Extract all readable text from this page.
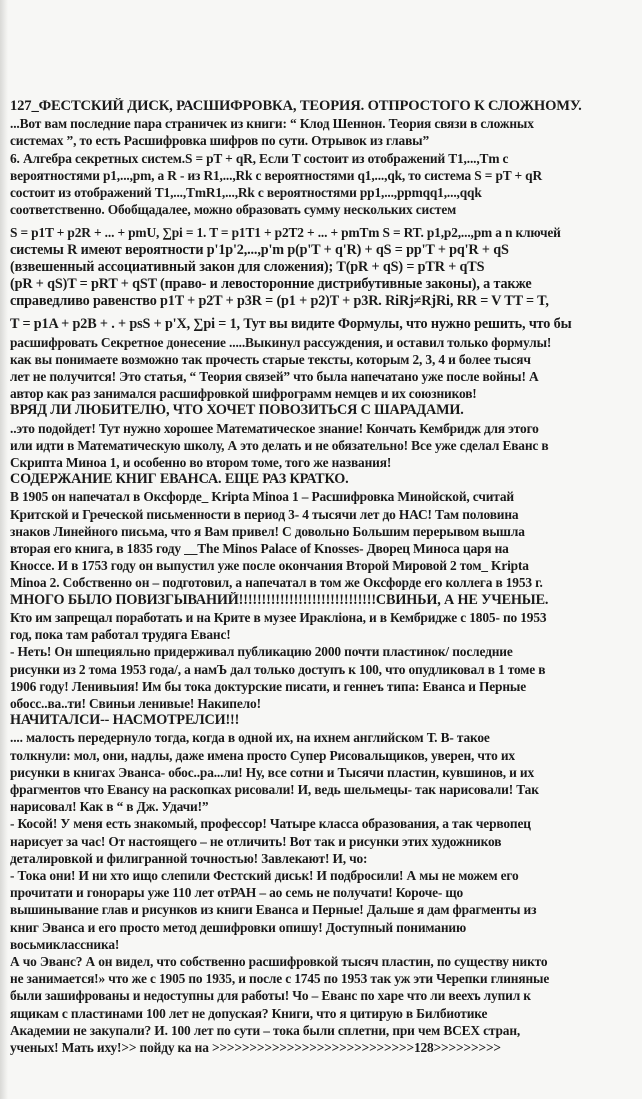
127_ФЕСТСКИЙ ДИСК, РАСШИФРОВКА, ТЕОРИЯ. ОТПРОСТОГО К СЛОЖНОМУ.
...Вот вам последние пара страничек из книги: “ Клод Шеннон. Теория связи в сложных
системах ”, то есть Расшифровка шифров по сути. Отрывок из главы”
6. Алгебра секретных систем.S = pT + qR, Если T состоит из отображений T1,...,Tm с
вероятностями p1,...,pm, а R - из R1,...,Rk с вероятностями q1,...,qk, то система S = pT + qR
состоит из отображений T1,...,TmR1,...,Rk с вероятностями pp1,...,ppmqq1,...,qqk
соответственно. Обобщадалее, можно образовать сумму нескольких систем
S = p1T + p2R + ... + pmU, ∑pi = 1. T = p1T1 + p2T2 + ... + pmTm S = RT. p1,p2,...,pm а n ключей
системы R имеют вероятности p'1p'2,...,p'm p(p'T + q'R) + qS = pp'T + pq'R + qS
(взвешенный ассоциативный закон для сложения); T(pR + qS) = pTR + qTS
(pR + qS)T = pRT + qST (право- и левосторонние дистрибутивные законы), а также
справедливо равенство p1T + p2T + p3R = (p1 + p2)T + p3R. RiRj≠RjRi, RR = V TT = T,
T = p1A + p2B + . + psS + p'X, ∑pi = 1, Тут вы видите Формулы, что нужно решить, что бы
расшифровать Секретное донесение .....Выкинул рассуждения, и оставил только формулы!
как вы понимаете возможно так прочесть старые тексты, которым 2, 3, 4 и более тысяч
лет не получится! Это статья, “ Теория связей” что была напечатано уже после войны! А
автор как раз занимался расшифровкой шифрограмм немцев и их союзников!
ВРЯД ЛИ ЛЮБИТЕЛЮ, ЧТО ХОЧЕТ ПОВОЗИТЬСЯ С ШАРАДАМИ.
..это подойдет! Тут нужно хорошее Математическое знание! Кончать Кембридж для этого
или идти в Математическую школу, А это делать и не обязательно! Все уже сделал Еванс в
Скрипта Миноа 1, и особенно во втором томе, того же названия!
СОДЕРЖАНИЕ КНИГ ЕВАНСА. ЕЩЕ РАЗ КРАТКО.
В 1905 он напечатал в Оксфорде_ Kripta Minoa 1 – Расшифровка Минойской, считай
Критской и Греческой письменности в период 3- 4 тысячи лет до НАС! Там половина
знаков Линейного письма, что я Вам привел! С довольно Большим перерывом вышла
вторая его книга, в 1835 году __The Minos Palace of Knosses- Дворец Миноса царя на
Кноссе. И в 1753 году он выпустил уже после окончания Второй Мировой 2 том_ Kripta
Minoa 2. Собственно он – подготовил, а напечатал в том же Оксфорде его коллега в 1953 г.
МНОГО БЫЛО ПОВИЗГЫВАНИЙ!!!!!!!!!!!!!!!!!!!!!!!!!!!!!!СВИНЬИ, А НЕ УЧЕНЫЕ.
Кто им запрещал поработать и на Крите в музее Иракліона, и в Кембридже с 1805- по 1953
год, пока там работал трудяга Еванс!
- Неть! Он шпецияльно придерживал публикацию 2000 почти пластинок/ последние
рисунки из 2 тома 1953 года/, а намЪ дал только доступъ к 100, что опудликовал в 1 томе в
1906 году! Ленивыия! Им бы тока доктурские писати, и геннеъ типа: Еванса и Перные
обосс..ва..ти! Свиньи ленивые! Накипело!
НАЧИТАЛСИ-- НАСМОТРЕЛСИ!!!
.... малость передернуло тогда, когда в одной их, на ихнем английском Т. В- такое
толкнули: мол, они, надлы, даже имена просто Супер Рисовальщиков, уверен, что их
рисунки в книгах Эванса- обос..ра...ли! Ну, все сотни и Тысячи пластин, кувшинов, и их
фрагментов что Евансу на раскопках рисовали! И, ведь шельмецы- так нарисовали! Так
нарисовал! Как в “ в Дж. Удачи!”
- Косой! У меня есть знакомый, профессор! Чатыре класса образования, а так червопец
нарисует за час! От настоящего – не отличить! Вот так и рисунки этих художников
деталировкой и филигранной точностью! Завлекают! И, чо:
- Тока они! И ни хто ищо слепили Фестский диськ! И подбросили! А мы не можем его
прочитати и гонорары уже 110 лет отРАН – ао семь не получати! Короче- що
вышинывание глав и рисунков из книги Еванса и Перные! Дальше я дам фрагменты из
книг Эванса и его просто метод дешифровки опишу! Доступный пониманию
восьмиклассника!
А чо Эванс? А он видел, что собственно расшифровкой тысяч пластин, по существу никто
не занимается!» что же с 1905 по 1935, и после с 1745 по 1953 так уж эти Черепки глиняные
были зашифрованы и недоступны для работы! Чо – Еванс по харе что ли веехъ лупил к
ящикам с пластинами 100 лет не допуская? Книги, что я цитирую в Билбиотике
Академии не закупали? И. 100 лет по сути – тока были сплетни, при чем ВСЕХ стран,
ученых! Мать иху!>> пойду ка на >>>>>>>>>>>>>>>>>>>>>>>>>>>128>>>>>>>>>
